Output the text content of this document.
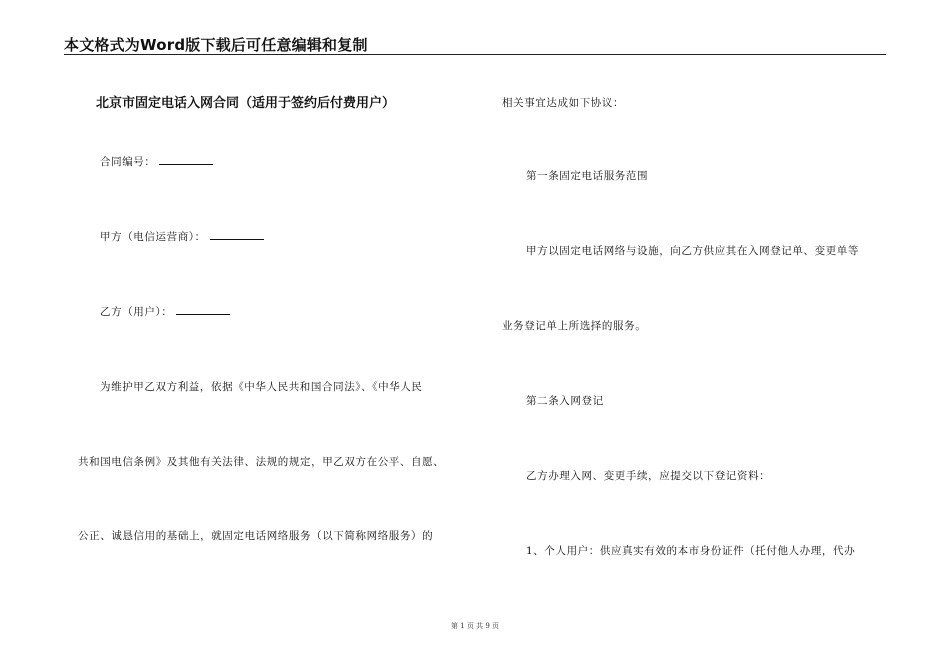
本文格式为Word版下载后可任意编辑和复制
北京市固定电话入网合同（适用于签约后付费用户）
合同编号：
甲方（电信运营商）：
乙方（用户）：
为维护甲乙双方利益，依据《中华人民共和国合同法》、《中华人民
共和国电信条例》及其他有关法律、法规的规定，甲乙双方在公平、自愿、
公正、诚恳信用的基础上，就固定电话网络服务（以下简称网络服务）的
相关事宜达成如下协议：
第一条固定电话服务范围
甲方以固定电话网络与设施，向乙方供应其在入网登记单、变更单等
业务登记单上所选择的服务。
第二条入网登记
乙方办理入网、变更手续，应提交以下登记资料：
1、个人用户：供应真实有效的本市身份证件（托付他人办理，代办
第 1 页 共 9 页
